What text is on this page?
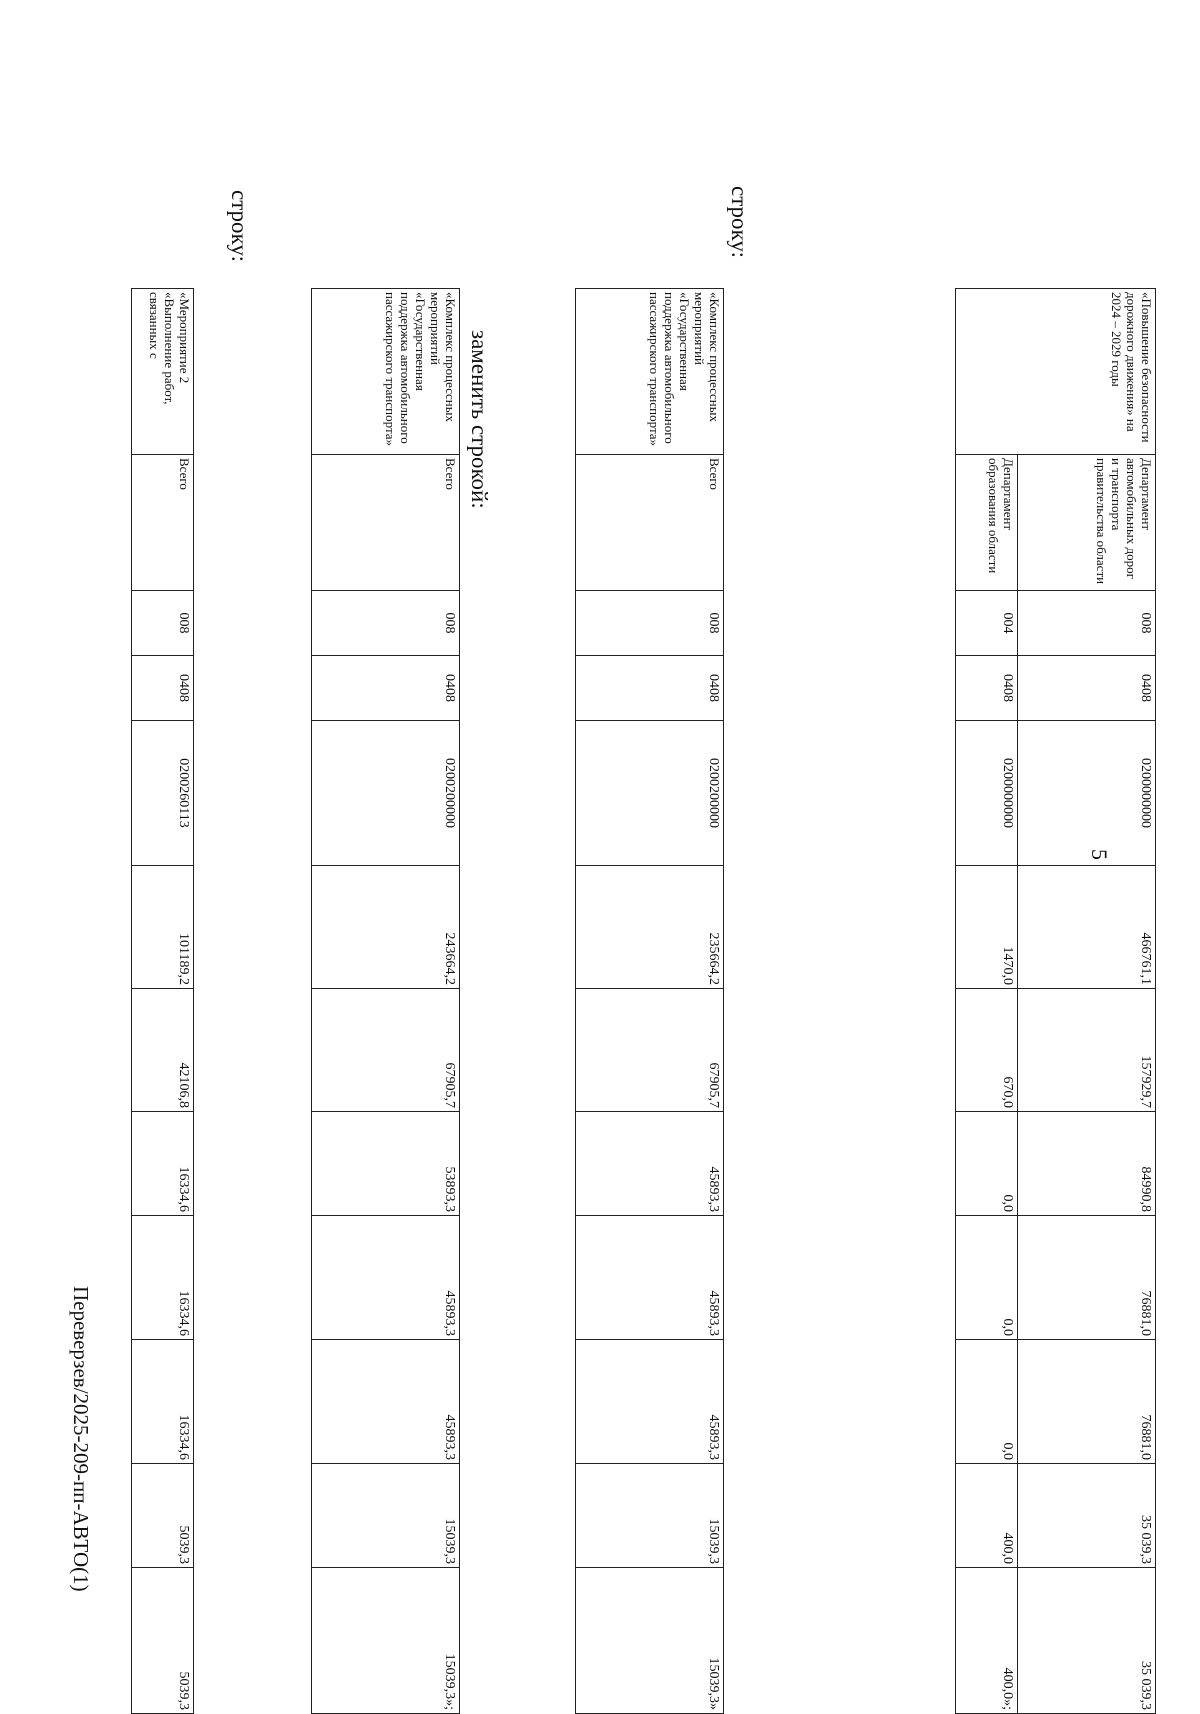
5
«Повышение безопасности дорожного движения» на 2024 – 2029 годы	Департамент автомобильных дорог и транспорта правительства области	008	0408	0200000000	466761,1	157929,7	84990,8	76881,0	76881,0	35 039,3	35 039,3
	Департамент образования области	004	0408	0200000000	1470,0	670,0	0,0	0,0	0,0	400,0	400,0»;
строку:
«Комплекс процессных мероприятий «Государственная поддержка автомобильного пассажирского транспорта»	Всего	008	0408	0200200000	235664,2	67905,7	45893,3	45893,3	45893,3	15039,3	15039,3»
заменить строкой:
«Комплекс процессных мероприятий «Государственная поддержка автомобильного пассажирского транспорта»	Всего	008	0408	0200200000	243664,2	67905,7	53893,3	45893,3	45893,3	15039,3	15039,3»;
строку:
«Мероприятие 2 «Выполнение работ, связанных с	Всего	008	0408	0200260113	101189,2	42106,8	16334,6	16334,6	16334,6	5039,3	5039,3
Переверзев/2025-209-пп-АВТО(1)
